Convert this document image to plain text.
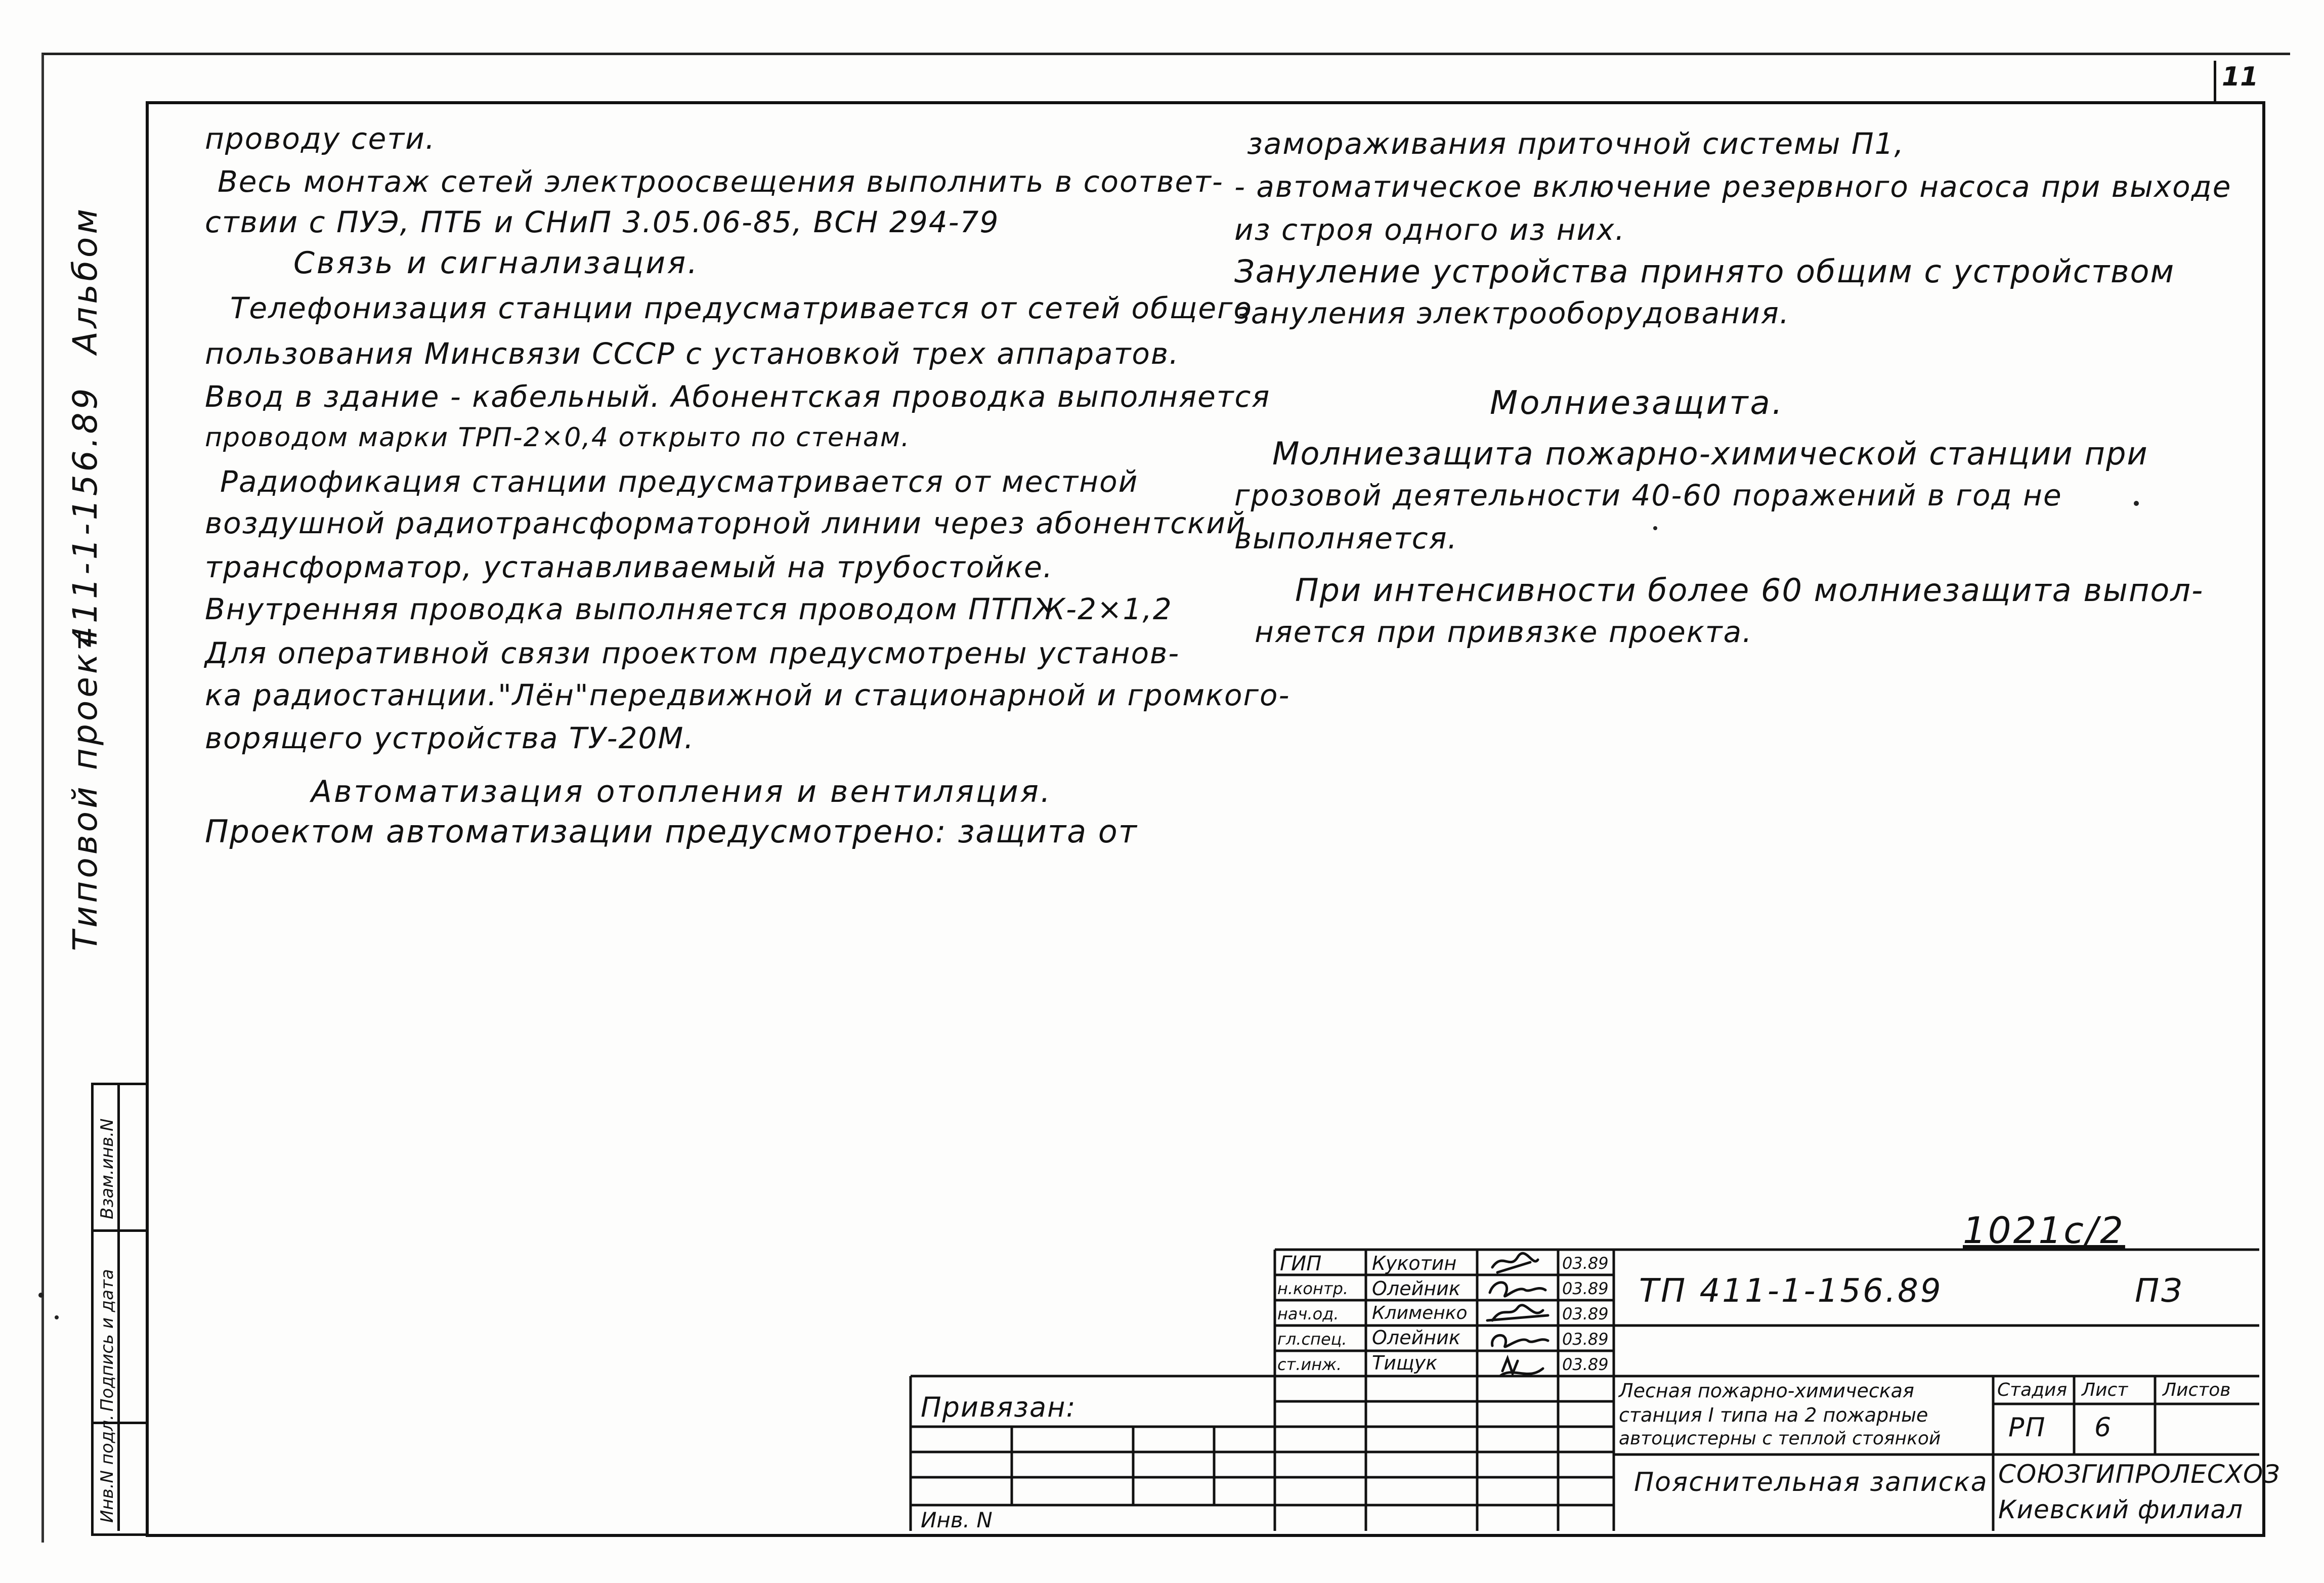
11
Типовой проект
411-1-156.89
Альбом
Инв.N подл.
Подпись и дата
Взам.инв.N
проводу сети.
Весь монтаж сетей электроосвещения выполнить в соответ-
ствии с ПУЭ, ПТБ и СНиП 3.05.06-85, ВСН 294-79
Связь и сигнализация.
Телефонизация станции предусматривается от сетей общего
пользования Минсвязи СССР с установкой трех аппаратов.
Ввод в здание - кабельный. Абонентская проводка выполняется
проводом марки ТРП-2×0,4 открыто по стенам.
Радиофикация станции предусматривается от местной
воздушной радиотрансформаторной линии через абонентский
трансформатор, устанавливаемый на трубостойке.
Внутренняя проводка выполняется проводом ПТПЖ-2×1,2
Для оперативной связи проектом предусмотрены установ-
ка радиостанции."Лён"передвижной и стационарной и громкого-
ворящего устройства ТУ-20М.
Автоматизация отопления и вентиляция.
Проектом автоматизации предусмотрено: защита от
замораживания приточной системы П1,
- автоматическое включение резервного насоса при выходе
из строя одного из них.
Зануление устройства принято общим с устройством
зануления электрооборудования.
Молниезащита.
Молниезащита пожарно-химической станции при
грозовой деятельности 40-60 поражений в год не
выполняется.
При интенсивности более 60 молниезащита выпол-
няется при привязке проекта.
1021с/2
ГИП	Кукотин	03.89
н.контр. Олейник	03.89
нач.од. Клименко	03.89
гл.спец. Олейник	03.89
ст.инж. Тищук	03.89
ТП 411-1-156.89	ПЗ
Лесная пожарно-химическая
станция I типа на 2 пожарные
автоцистерны с теплой стоянкой
Пояснительная записка
Стадия Лист Листов
РП 6
СОЮЗГИПРОЛЕСХОЗ
Киевский филиал
Привязан:
Инв. N
